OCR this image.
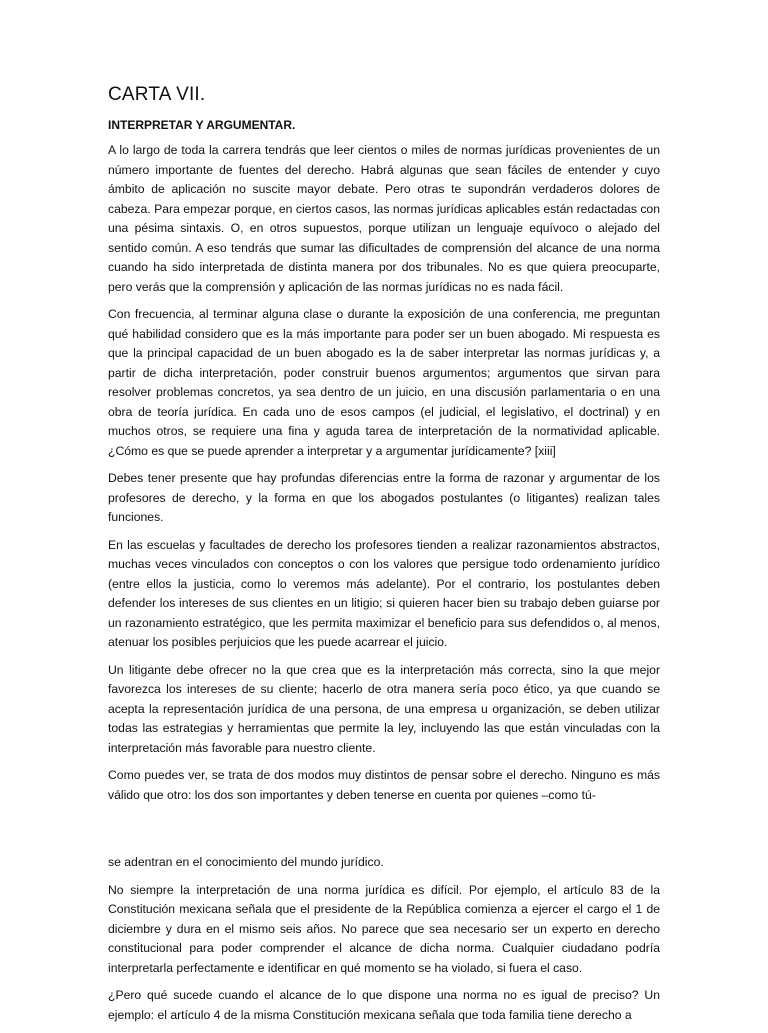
CARTA VII.
INTERPRETAR Y ARGUMENTAR.

A lo largo de toda la carrera tendrás que leer cientos o miles de normas jurídicas provenientes de un número importante de fuentes del derecho. Habrá algunas que sean fáciles de entender y cuyo ámbito de aplicación no suscite mayor debate. Pero otras te supondrán verdaderos dolores de cabeza. Para empezar porque, en ciertos casos, las normas jurídicas aplicables están redactadas con una pésima sintaxis. O, en otros supuestos, porque utilizan un lenguaje equívoco o alejado del sentido común. A eso tendrás que sumar las dificultades de comprensión del alcance de una norma cuando ha sido interpretada de distinta manera por dos tribunales. No es que quiera preocuparte, pero verás que la comprensión y aplicación de las normas jurídicas no es nada fácil.

Con frecuencia, al terminar alguna clase o durante la exposición de una conferencia, me preguntan qué habilidad considero que es la más importante para poder ser un buen abogado. Mi respuesta es que la principal capacidad de un buen abogado es la de saber interpretar las normas jurídicas y, a partir de dicha interpretación, poder construir buenos argumentos; argumentos que sirvan para resolver problemas concretos, ya sea dentro de un juicio, en una discusión parlamentaria o en una obra de teoría jurídica. En cada uno de esos campos (el judicial, el legislativo, el doctrinal) y en muchos otros, se requiere una fina y aguda tarea de interpretación de la normatividad aplicable. ¿Cómo es que se puede aprender a interpretar y a argumentar jurídicamente? [xiii]

Debes tener presente que hay profundas diferencias entre la forma de razonar y argumentar de los profesores de derecho, y la forma en que los abogados postulantes (o litigantes) realizan tales funciones.

En las escuelas y facultades de derecho los profesores tienden a realizar razonamientos abstractos, muchas veces vinculados con conceptos o con los valores que persigue todo ordenamiento jurídico (entre ellos la justicia, como lo veremos más adelante). Por el contrario, los postulantes deben defender los intereses de sus clientes en un litigio; si quieren hacer bien su trabajo deben guiarse por un razonamiento estratégico, que les permita maximizar el beneficio para sus defendidos o, al menos, atenuar los posibles perjuicios que les puede acarrear el juicio.

Un litigante debe ofrecer no la que crea que es la interpretación más correcta, sino la que mejor favorezca los intereses de su cliente; hacerlo de otra manera sería poco ético, ya que cuando se acepta la representación jurídica de una persona, de una empresa u organización, se deben utilizar todas las estrategias y herramientas que permite la ley, incluyendo las que están vinculadas con la interpretación más favorable para nuestro cliente.

Como puedes ver, se trata de dos modos muy distintos de pensar sobre el derecho. Ninguno es más válido que otro: los dos son importantes y deben tenerse en cuenta por quienes –como tú-

se adentran en el conocimiento del mundo jurídico.

No siempre la interpretación de una norma jurídica es difícil. Por ejemplo, el artículo 83 de la Constitución mexicana señala que el presidente de la República comienza a ejercer el cargo el 1 de diciembre y dura en el mismo seis años. No parece que sea necesario ser un experto en derecho constitucional para poder comprender el alcance de dicha norma. Cualquier ciudadano podría interpretarla perfectamente e identificar en qué momento se ha violado, si fuera el caso.

¿Pero qué sucede cuando el alcance de lo que dispone una norma no es igual de preciso? Un ejemplo: el artículo 4 de la misma Constitución mexicana señala que toda familia tiene derecho a
